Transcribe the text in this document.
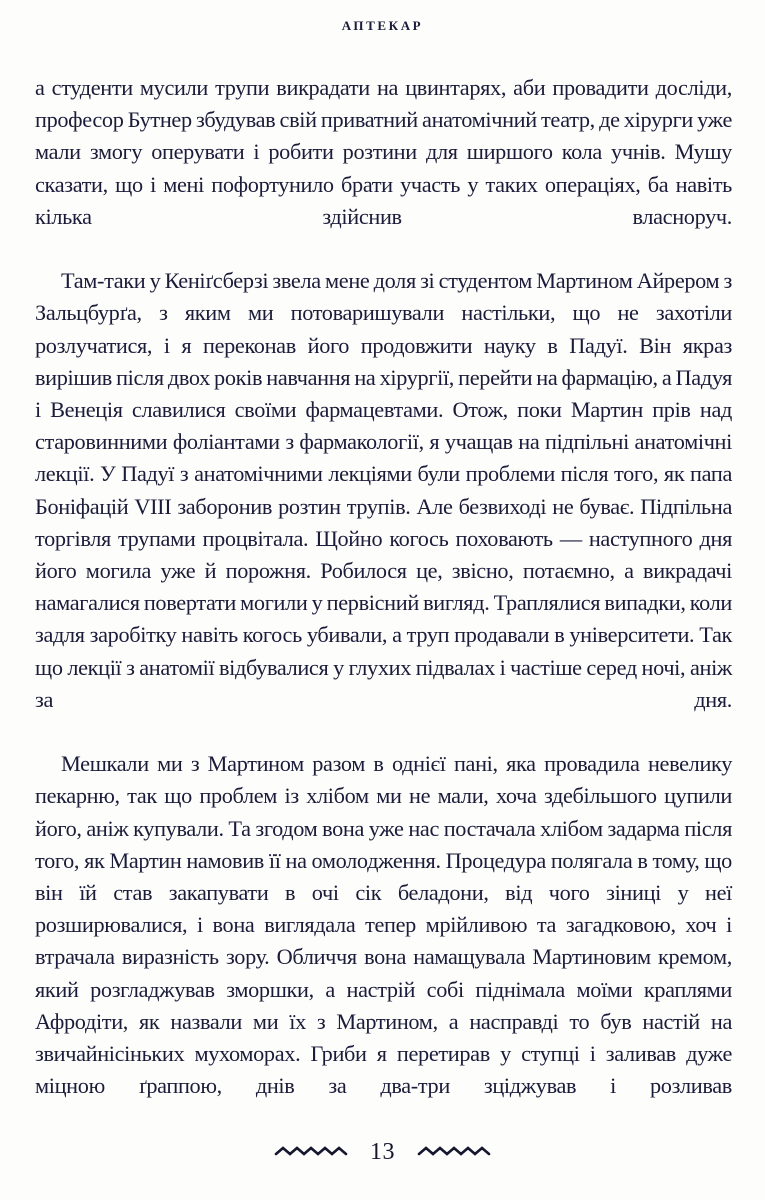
АПТЕКАР

а студенти мусили трупи викрадати на цвинтарях, аби провадити досліди, професор Бутнер збудував свій приватний анатомічний театр, де хірурги уже мали змогу оперувати і робити розтини для ширшого кола учнів. Мушу сказати, що і мені пофортунило брати участь у таких операціях, ба навіть кілька здійснив власноруч.

Там-таки у Кеніґсберзі звела мене доля зі студентом Мартином Айрером з Зальцбурґа, з яким ми потоваришували настільки, що не захотіли розлучатися, і я переконав його продовжити науку в Падуї. Він якраз вирішив після двох років навчання на хірургії, перейти на фармацію, а Падуя і Венеція славилися своїми фармацевтами. Отож, поки Мартин прів над старовинними фоліантами з фармакології, я учащав на підпільні анатомічні лекції. У Падуї з анатомічними лекціями були проблеми після того, як папа Боніфацій VIII заборонив розтин трупів. Але безвиході не буває. Підпільна торгівля трупами процвітала. Щойно когось поховають — наступного дня його могила уже й порожня. Робилося це, звісно, потаємно, а викрадачі намагалися повертати могили у первісний вигляд. Траплялися випадки, коли задля заробітку навіть когось убивали, а труп продавали в університети. Так що лекції з анатомії відбувалися у глухих підвалах і частіше серед ночі, аніж за дня.

Мешкали ми з Мартином разом в однієї пані, яка провадила невелику пекарню, так що проблем із хлібом ми не мали, хоча здебільшого цупили його, аніж купували. Та згодом вона уже нас постачала хлібом задарма після того, як Мартин намовив її на омолодження. Процедура полягала в тому, що він їй став закапувати в очі сік беладони, від чого зіниці у неї розширювалися, і вона виглядала тепер мрійливою та загадковою, хоч і втрачала виразність зору. Обличчя вона намащувала Мартиновим кремом, який розгладжував зморшки, а настрій собі піднімала моїми краплями Афродіти, як назвали ми їх з Мартином, а насправді то був настій на звичайнісіньких мухоморах. Гриби я перетирав у ступці і заливав дуже міцною ґраппою, днів за два-три зціджував і розливав

13
